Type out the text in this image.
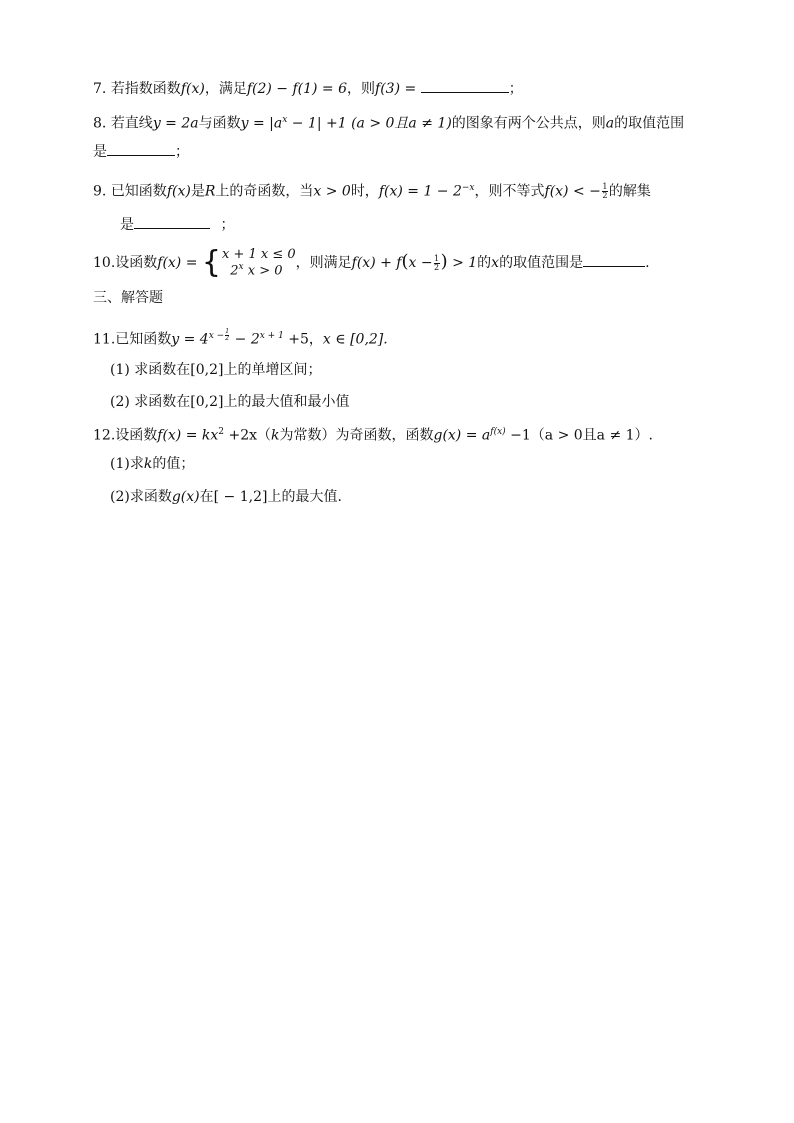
7. 若指数函数f(x)，满足f(2) − f(1) = 6，则f(3) =	；
8. 若直线y = 2a与函数$y = |a^x - 1| +1$ (a > 0且a ≠ 1)的图象有两个公共点，则a的取值范围
是	；
9. 已知函数f(x)是R上的奇函数，当x > 0时，$f(x) = 1 - 2^{-x}$，则不等式f(x) < − $\frac{1}{2}$ 的解集
是	；
10.设函数f(x) = { x + 1 x ≤ 0
2$^x$ x > 0
，则满足$f(x) + f(x - \frac{1}{2}$ ) > 1的x的取值范围是	.
三、解答题
11.已知函数$y = 4^{x - \frac{1}{2}} - 2^{x + 1} +5$，x ∈ [0,2].
(1) 求函数在[0,2]上的单增区间；
(2) 求函数在[0,2]上的最大值和最小值
12.设函数$f(x) = kx^2 +2x(k$为常数）为奇函数，函数$g(x) = a^{f(x)} -1(a > 0$且a ≠ 1）.
(1)求k的值；
(2)求函数g(x)在[ − 1,2]上的最大值.
